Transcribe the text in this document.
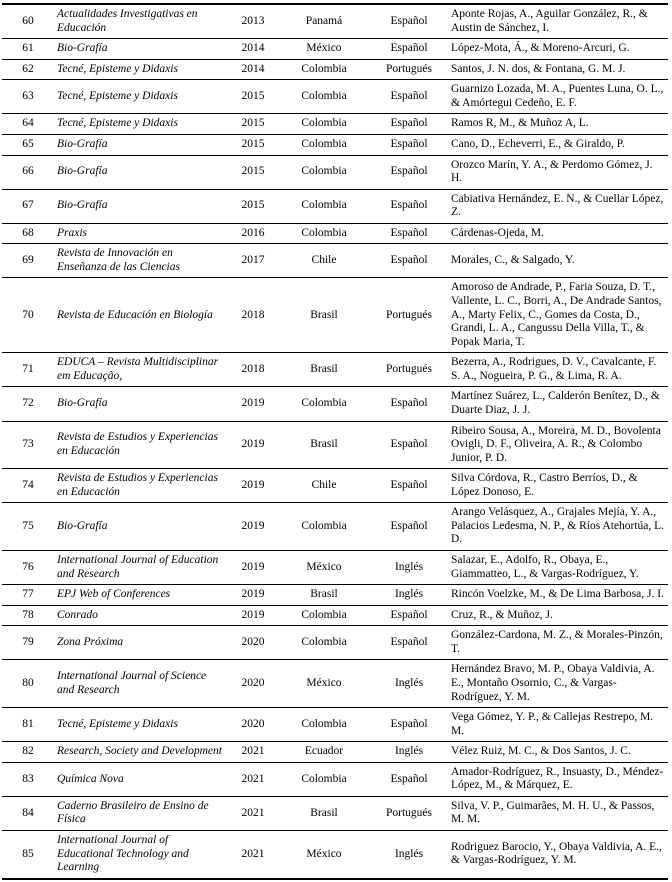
60	Actualidades Investigativas en Educación	2013	Panamá	Español	Aponte Rojas, A., Aguilar González, R., & Austin de Sánchez, I.
61	Bio-Grafía	2014	México	Español	López-Mota, Á., & Moreno-Arcuri, G.
62	Tecné, Episteme y Didaxis	2014	Colombia	Portugués	Santos, J. N. dos, & Fontana, G. M. J.
63	Tecné, Episteme y Didaxis	2015	Colombia	Español	Guarnizo Lozada, M. A., Puentes Luna, O. L., & Amórtegui Cedeño, E. F.
64	Tecné, Episteme y Didaxis	2015	Colombia	Español	Ramos R, M., & Muñoz A, L.
65	Bio-Grafía	2015	Colombia	Español	Cano, D., Echeverri, E., & Giraldo, P.
66	Bio-Grafía	2015	Colombia	Español	Orozco Marín, Y. A., & Perdomo Gómez, J. H.
67	Bio-Grafía	2015	Colombia	Español	Cabiativa Hernández, E. N., & Cuellar López, Z.
68	Praxis	2016	Colombia	Español	Cárdenas-Ojeda, M.
69	Revista de Innovación en Enseñanza de las Ciencias	2017	Chile	Español	Morales, C., & Salgado, Y.
70	Revista de Educación en Biología	2018	Brasil	Portugués	Amoroso de Andrade, P., Faria Souza, D. T., Vallente, L. C., Borri, A., De Andrade Santos, A., Marty Felix, C., Gomes da Costa, D., Grandi, L. A., Cangussu Della Villa, T., & Popak Maria, T.
71	EDUCA – Revista Multidisciplinar em Educação,	2018	Brasil	Portugués	Bezerra, A., Rodrigues, D. V., Cavalcante, F. S. A., Nogueira, P. G., & Lima, R. A.
72	Bio-Grafía	2019	Colombia	Español	Martínez Suárez, L., Calderón Benítez, D., & Duarte Diaz, J. J.
73	Revista de Estudios y Experiencias en Educación	2019	Brasil	Español	Ribeiro Sousa, A., Moreira, M. D., Bovolenta Ovigli, D. F., Oliveira, A. R., & Colombo Junior, P. D.
74	Revista de Estudios y Experiencias en Educación	2019	Chile	Español	Silva Córdova, R., Castro Berríos, D., & López Donoso, E.
75	Bio-Grafía	2019	Colombia	Español	Arango Velásquez, A., Grajales Mejía, Y. A., Palacios Ledesma, N. P., & Ríos Atehortúa, L. D.
76	International Journal of Education and Research	2019	México	Inglés	Salazar, E., Adolfo, R., Obaya, E., Giammatteo, L., & Vargas-Rodríguez, Y.
77	EPJ Web of Conferences	2019	Brasil	Inglés	Rincón Voelzke, M., & De Lima Barbosa, J. I.
78	Conrado	2019	Colombia	Español	Cruz, R., & Muñoz, J.
79	Zona Próxima	2020	Colombia	Español	González-Cardona, M. Z., & Morales-Pinzón, T.
80	International Journal of Science and Research	2020	México	Inglés	Hernández Bravo, M. P., Obaya Valdivia, A. E., Montaño Osornio, C., & Vargas-Rodríguez, Y. M.
81	Tecné, Episteme y Didaxis	2020	Colombia	Español	Vega Gómez, Y. P., & Callejas Restrepo, M. M.
82	Research, Society and Development	2021	Ecuador	Inglés	Vélez Ruiz, M. C., & Dos Santos, J. C.
83	Química Nova	2021	Colombia	Español	Amador-Rodríguez, R., Insuasty, D., Méndez-López, M., & Márquez, E.
84	Caderno Brasileiro de Ensino de Física	2021	Brasil	Portugués	Silva, V. P., Guimarães, M. H. U., & Passos, M. M.
85	International Journal of Educational Technology and Learning	2021	México	Inglés	Rodriguez Barocio, Y., Obaya Valdivia, A. E., & Vargas-Rodríguez, Y. M.
